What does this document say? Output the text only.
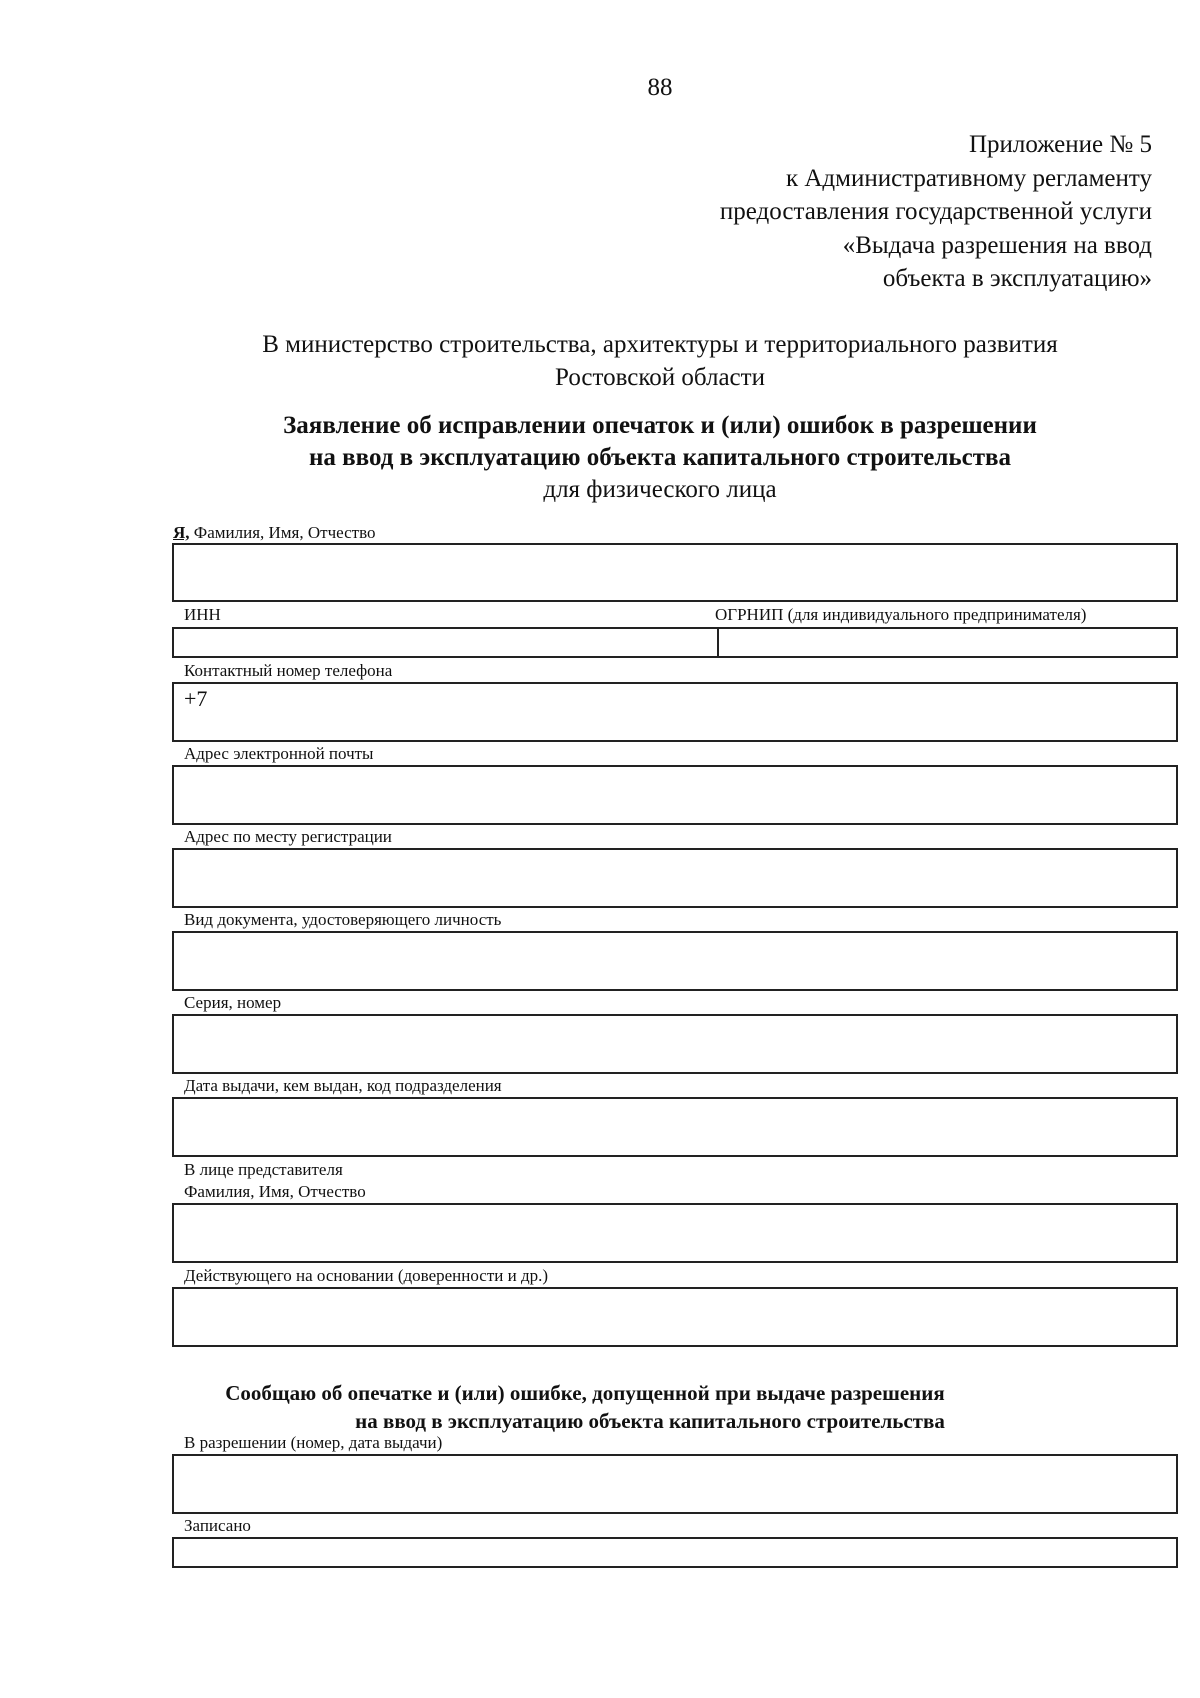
88
Приложение № 5
к Административному регламенту
предоставления государственной услуги
«Выдача разрешения на ввод
объекта в эксплуатацию»
В министерство строительства, архитектуры и территориального развития
Ростовской области
Заявление об исправлении опечаток и (или) ошибок в разрешении
на ввод в эксплуатацию объекта капитального строительства
для физического лица
Я, Фамилия, Имя, Отчество
ИНН	ОГРНИП (для индивидуального предпринимателя)
Контактный номер телефона
+7
Адрес электронной почты
Адрес по месту регистрации
Вид документа, удостоверяющего личность
Серия, номер
Дата выдачи, кем выдан, код подразделения
В лице представителя
Фамилия, Имя, Отчество
Действующего на основании (доверенности и др.)
Сообщаю об опечатке и (или) ошибке, допущенной при выдаче разрешения
на ввод в эксплуатацию объекта капитального строительства
В разрешении (номер, дата выдачи)
Записано
